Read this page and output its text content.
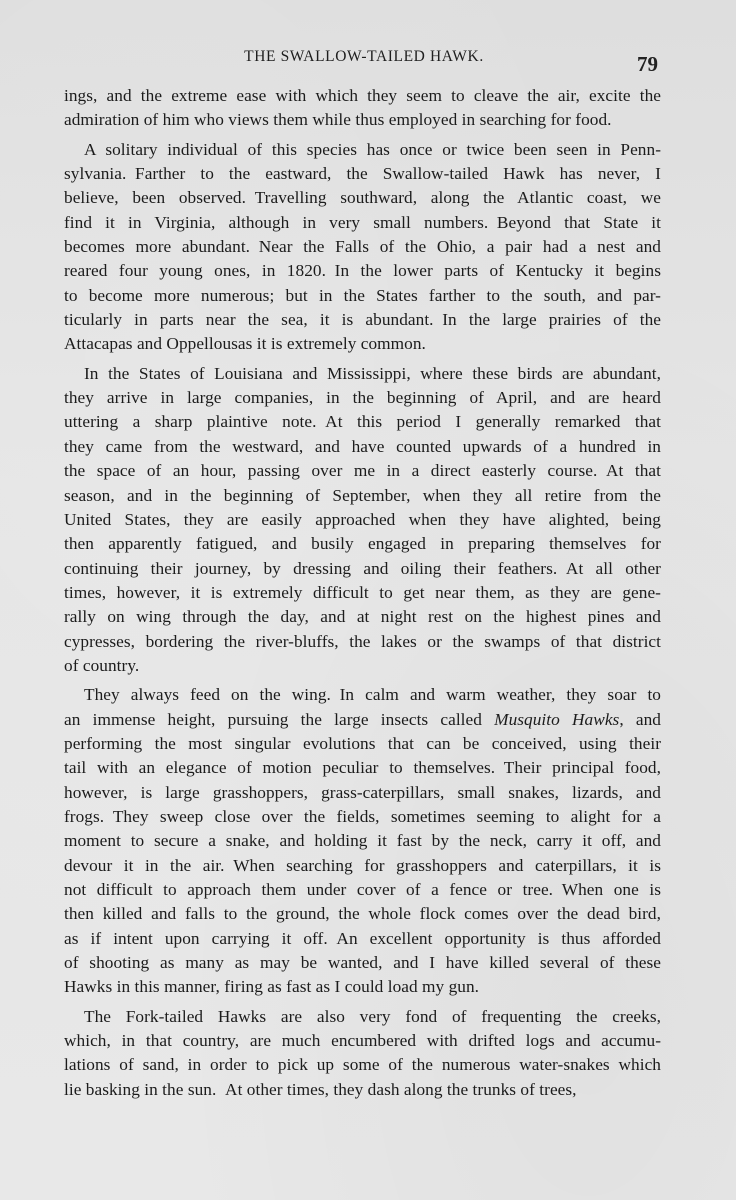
THE SWALLOW-TAILED HAWK.	79
ings, and the extreme ease with which they seem to cleave the air, excite the
admiration of him who views them while thus employed in searching for food.
A solitary individual of this species has once or twice been seen in Penn-
sylvania. Farther to the eastward, the Swallow-tailed Hawk has never, I
believe, been observed. Travelling southward, along the Atlantic coast, we
find it in Virginia, although in very small numbers. Beyond that State it
becomes more abundant. Near the Falls of the Ohio, a pair had a nest and
reared four young ones, in 1820. In the lower parts of Kentucky it begins
to become more numerous; but in the States farther to the south, and par-
ticularly in parts near the sea, it is abundant. In the large prairies of the
Attacapas and Oppellousas it is extremely common.
In the States of Louisiana and Mississippi, where these birds are abundant,
they arrive in large companies, in the beginning of April, and are heard
uttering a sharp plaintive note. At this period I generally remarked that
they came from the westward, and have counted upwards of a hundred in
the space of an hour, passing over me in a direct easterly course. At that
season, and in the beginning of September, when they all retire from the
United States, they are easily approached when they have alighted, being
then apparently fatigued, and busily engaged in preparing themselves for
continuing their journey, by dressing and oiling their feathers. At all other
times, however, it is extremely difficult to get near them, as they are gene-
rally on wing through the day, and at night rest on the highest pines and
cypresses, bordering the river-bluffs, the lakes or the swamps of that district
of country.
They always feed on the wing. In calm and warm weather, they soar to
an immense height, pursuing the large insects called Musquito Hawks, and
performing the most singular evolutions that can be conceived, using their
tail with an elegance of motion peculiar to themselves. Their principal food,
however, is large grasshoppers, grass-caterpillars, small snakes, lizards, and
frogs. They sweep close over the fields, sometimes seeming to alight for a
moment to secure a snake, and holding it fast by the neck, carry it off, and
devour it in the air. When searching for grasshoppers and caterpillars, it is
not difficult to approach them under cover of a fence or tree. When one is
then killed and falls to the ground, the whole flock comes over the dead bird,
as if intent upon carrying it off. An excellent opportunity is thus afforded
of shooting as many as may be wanted, and I have killed several of these
Hawks in this manner, firing as fast as I could load my gun.
The Fork-tailed Hawks are also very fond of frequenting the creeks,
which, in that country, are much encumbered with drifted logs and accumu-
lations of sand, in order to pick up some of the numerous water-snakes which
lie basking in the sun. At other times, they dash along the trunks of trees,
